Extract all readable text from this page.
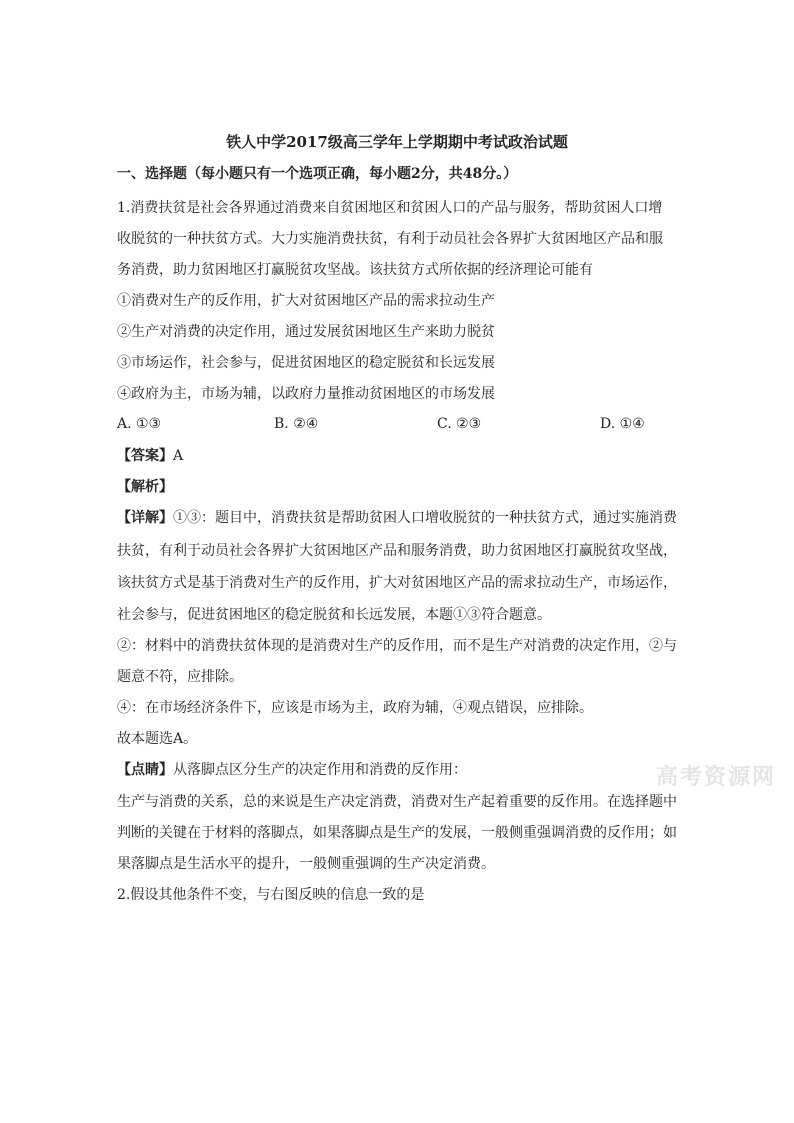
铁人中学2017级高三学年上学期期中考试政治试题
一、选择题（每小题只有一个选项正确，每小题2分，共48分。）
1.消费扶贫是社会各界通过消费来自贫困地区和贫困人口的产品与服务，帮助贫困人口增
收脱贫的一种扶贫方式。大力实施消费扶贫，有利于动员社会各界扩大贫困地区产品和服
务消费，助力贫困地区打赢脱贫攻坚战。该扶贫方式所依据的经济理论可能有
①消费对生产的反作用，扩大对贫困地区产品的需求拉动生产
②生产对消费的决定作用，通过发展贫困地区生产来助力脱贫
③市场运作，社会参与，促进贫困地区的稳定脱贫和长远发展
④政府为主，市场为辅，以政府力量推动贫困地区的市场发展
A. ①③	B. ②④	C. ②③	D. ①④
【答案】A
【解析】
【详解】①③：题目中，消费扶贫是帮助贫困人口增收脱贫的一种扶贫方式，通过实施消费
扶贫，有利于动员社会各界扩大贫困地区产品和服务消费，助力贫困地区打赢脱贫攻坚战，
该扶贫方式是基于消费对生产的反作用，扩大对贫困地区产品的需求拉动生产，市场运作，
社会参与，促进贫困地区的稳定脱贫和长远发展，本题①③符合题意。
②：材料中的消费扶贫体现的是消费对生产的反作用，而不是生产对消费的决定作用，②与
题意不符，应排除。
④：在市场经济条件下，应该是市场为主，政府为辅，④观点错误，应排除。
故本题选A。
【点睛】从落脚点区分生产的决定作用和消费的反作用：
生产与消费的关系，总的来说是生产决定消费，消费对生产起着重要的反作用。在选择题中
判断的关键在于材料的落脚点，如果落脚点是生产的发展，一般侧重强调消费的反作用；如
果落脚点是生活水平的提升，一般侧重强调的生产决定消费。
2.假设其他条件不变，与右图反映的信息一致的是
高考资源网
